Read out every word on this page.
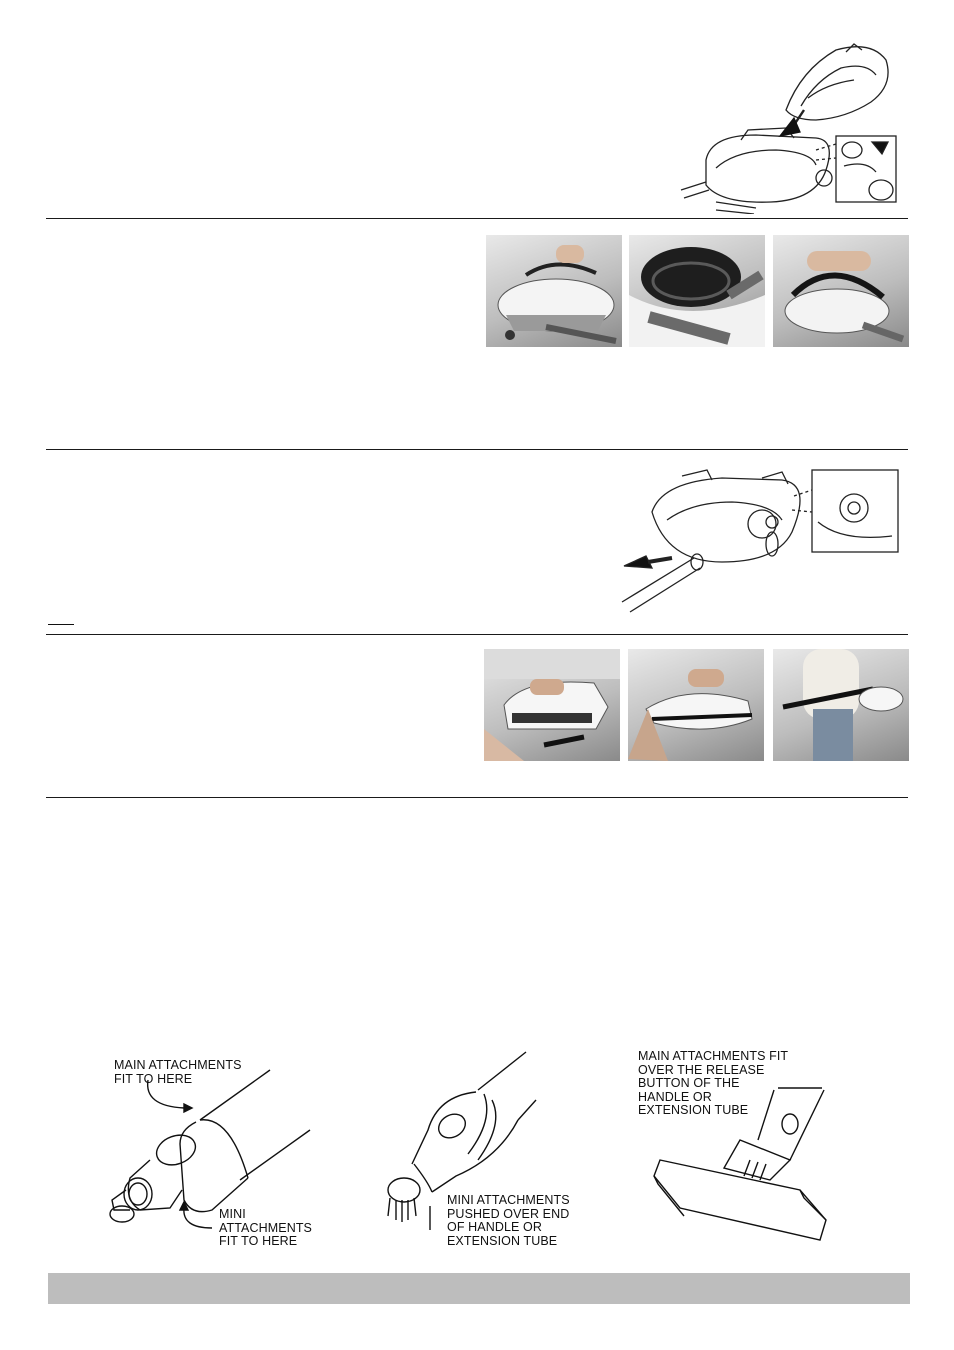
MAIN ATTACHMENTS
FIT TO HERE
MINI
ATTACHMENTS
FIT TO HERE
MINI ATTACHMENTS
PUSHED OVER END
OF HANDLE OR
EXTENSION TUBE
MAIN ATTACHMENTS FIT
OVER THE RELEASE
BUTTON OF THE
HANDLE OR
EXTENSION TUBE
